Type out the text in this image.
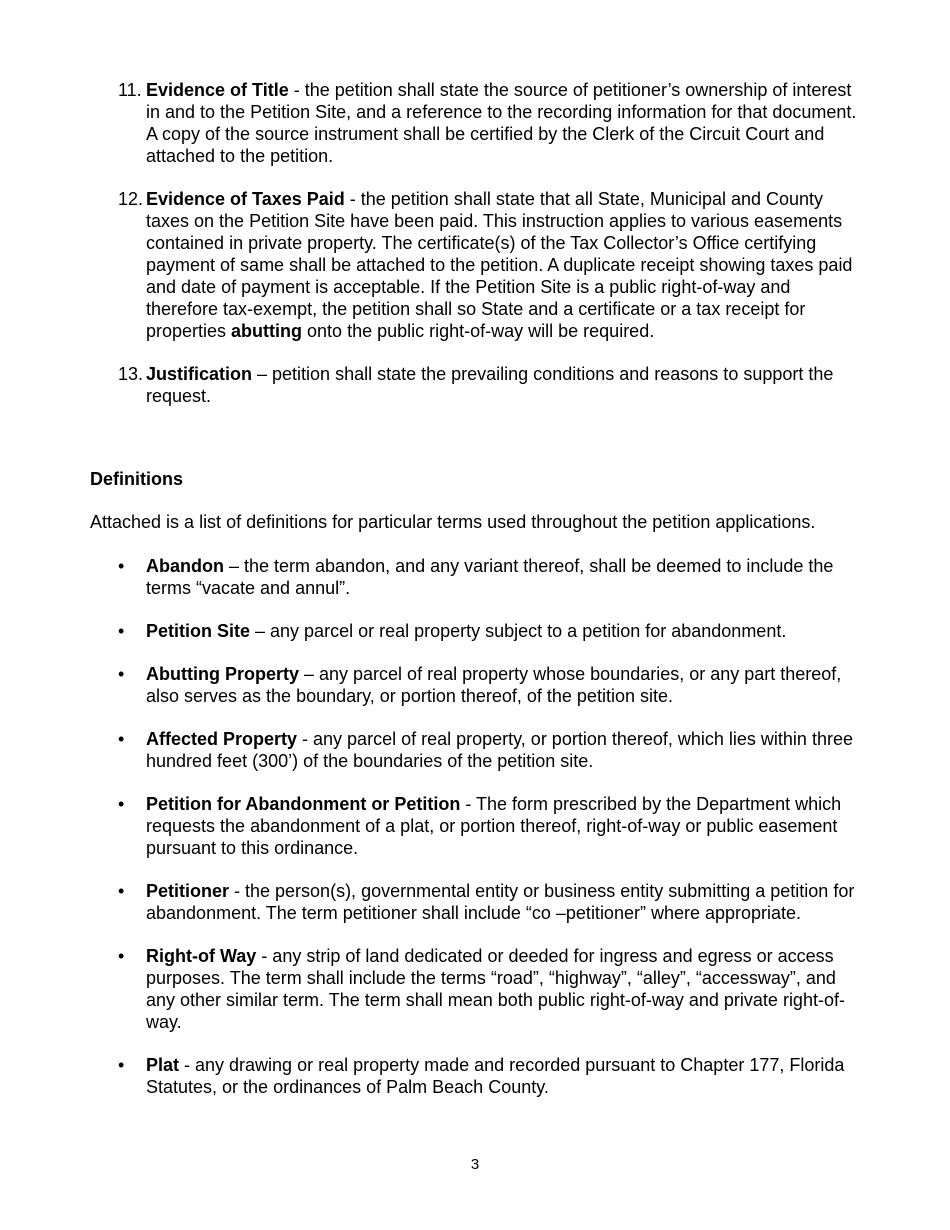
11. Evidence of Title - the petition shall state the source of petitioner’s ownership of interest in and to the Petition Site, and a reference to the recording information for that document. A copy of the source instrument shall be certified by the Clerk of the Circuit Court and attached to the petition.
12. Evidence of Taxes Paid - the petition shall state that all State, Municipal and County taxes on the Petition Site have been paid. This instruction applies to various easements contained in private property. The certificate(s) of the Tax Collector’s Office certifying payment of same shall be attached to the petition. A duplicate receipt showing taxes paid and date of payment is acceptable. If the Petition Site is a public right-of-way and therefore tax-exempt, the petition shall so State and a certificate or a tax receipt for properties abutting onto the public right-of-way will be required.
13. Justification – petition shall state the prevailing conditions and reasons to support the request.
Definitions
Attached is a list of definitions for particular terms used throughout the petition applications.
• Abandon – the term abandon, and any variant thereof, shall be deemed to include the terms “vacate and annul”.
• Petition Site – any parcel or real property subject to a petition for abandonment.
• Abutting Property – any parcel of real property whose boundaries, or any part thereof, also serves as the boundary, or portion thereof, of the petition site.
• Affected Property - any parcel of real property, or portion thereof, which lies within three hundred feet (300’) of the boundaries of the petition site.
• Petition for Abandonment or Petition - The form prescribed by the Department which requests the abandonment of a plat, or portion thereof, right-of-way or public easement pursuant to this ordinance.
• Petitioner - the person(s), governmental entity or business entity submitting a petition for abandonment. The term petitioner shall include “co –petitioner” where appropriate.
• Right-of Way - any strip of land dedicated or deeded for ingress and egress or access purposes. The term shall include the terms “road”, “highway”, “alley”, “accessway”, and any other similar term. The term shall mean both public right-of-way and private right-of-way.
• Plat - any drawing or real property made and recorded pursuant to Chapter 177, Florida Statutes, or the ordinances of Palm Beach County.
3
